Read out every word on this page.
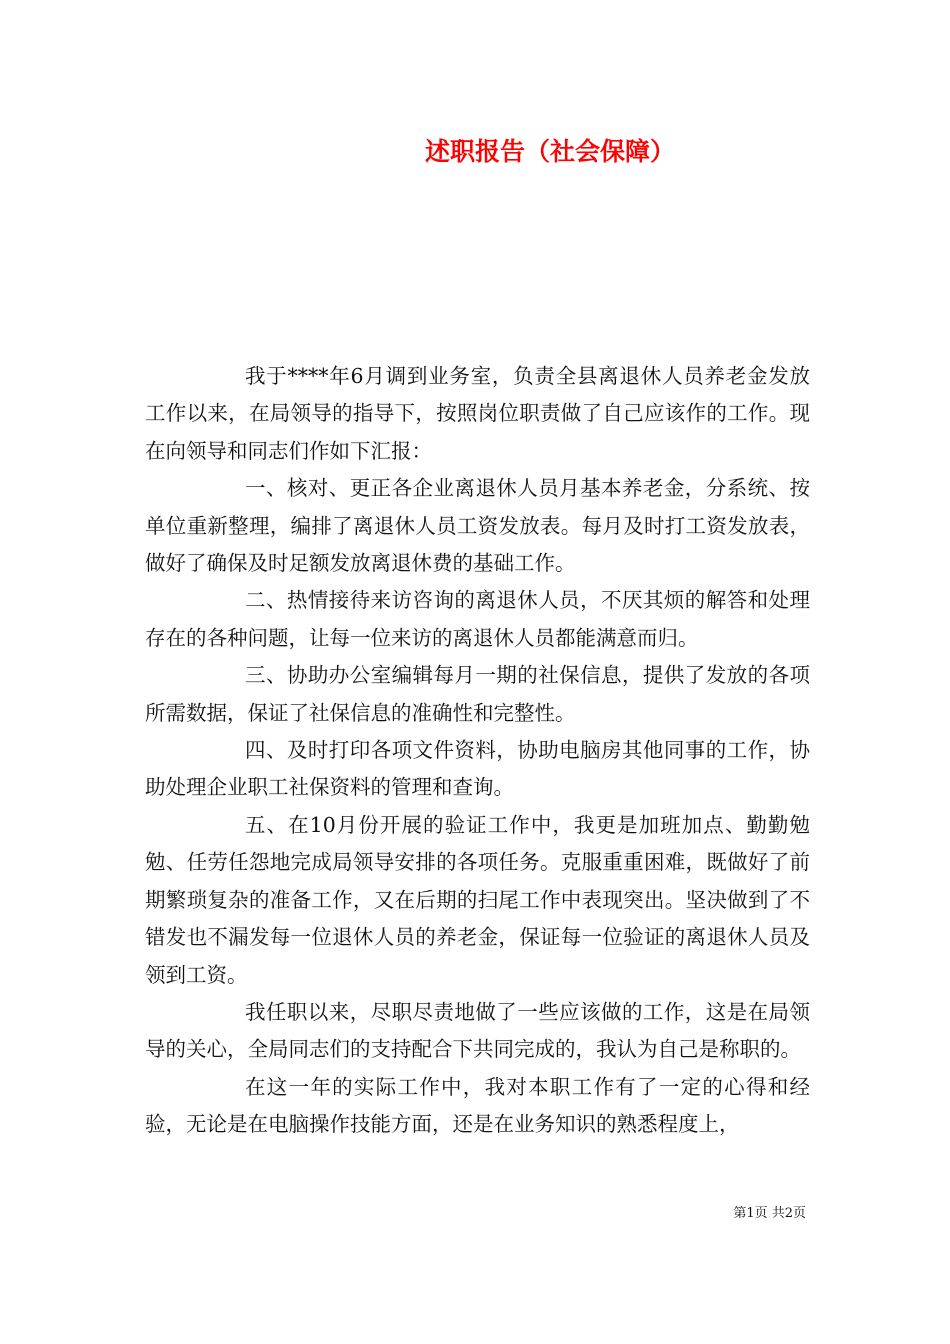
述职报告（社会保障）

我于****年6月调到业务室，负责全县离退休人员养老金发放工作以来，在局领导的指导下，按照岗位职责做了自己应该作的工作。现在向领导和同志们作如下汇报：

一、核对、更正各企业离退休人员月基本养老金，分系统、按单位重新整理，编排了离退休人员工资发放表。每月及时打工资发放表，做好了确保及时足额发放离退休费的基础工作。

二、热情接待来访咨询的离退休人员，不厌其烦的解答和处理存在的各种问题，让每一位来访的离退休人员都能满意而归。

三、协助办公室编辑每月一期的社保信息，提供了发放的各项所需数据，保证了社保信息的准确性和完整性。

四、及时打印各项文件资料，协助电脑房其他同事的工作，协助处理企业职工社保资料的管理和查询。

五、在10月份开展的验证工作中，我更是加班加点、勤勤勉勉、任劳任怨地完成局领导安排的各项任务。克服重重困难，既做好了前期繁琐复杂的准备工作，又在后期的扫尾工作中表现突出。坚决做到了不错发也不漏发每一位退休人员的养老金，保证每一位验证的离退休人员及领到工资。

我任职以来，尽职尽责地做了一些应该做的工作，这是在局领导的关心，全局同志们的支持配合下共同完成的，我认为自己是称职的。

在这一年的实际工作中，我对本职工作有了一定的心得和经验，无论是在电脑操作技能方面，还是在业务知识的熟悉程度上，

第1页 共2页
